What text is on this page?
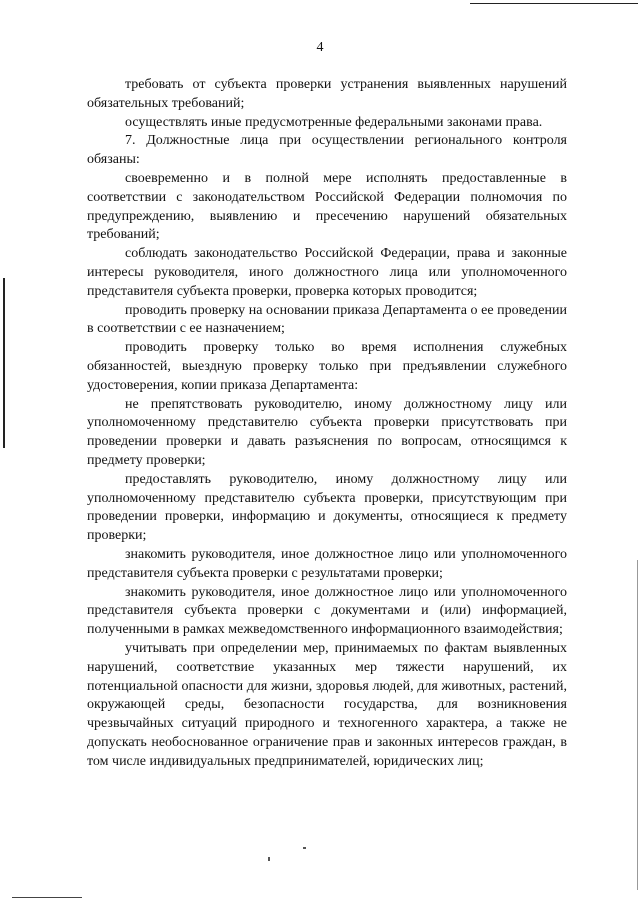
4

требовать от субъекта проверки устранения выявленных нарушений обязательных требований;

осуществлять иные предусмотренные федеральными законами права.

7. Должностные лица при осуществлении регионального контроля обязаны:

своевременно и в полной мере исполнять предоставленные в соответствии с законодательством Российской Федерации полномочия по предупреждению, выявлению и пресечению нарушений обязательных требований;

соблюдать законодательство Российской Федерации, права и законные интересы руководителя, иного должностного лица или уполномоченного представителя субъекта проверки, проверка которых проводится;

проводить проверку на основании приказа Департамента о ее проведении в соответствии с ее назначением;

проводить проверку только во время исполнения служебных обязанностей, выездную проверку только при предъявлении служебного удостоверения, копии приказа Департамента:

не препятствовать руководителю, иному должностному лицу или уполномоченному представителю субъекта проверки присутствовать при проведении проверки и давать разъяснения по вопросам, относящимся к предмету проверки;

предоставлять руководителю, иному должностному лицу или уполномоченному представителю субъекта проверки, присутствующим при проведении проверки, информацию и документы, относящиеся к предмету проверки;

знакомить руководителя, иное должностное лицо или уполномоченного представителя субъекта проверки с результатами проверки;

знакомить руководителя, иное должностное лицо или уполномоченного представителя субъекта проверки с документами и (или) информацией, полученными в рамках межведомственного информационного взаимодействия;

учитывать при определении мер, принимаемых по фактам выявленных нарушений, соответствие указанных мер тяжести нарушений, их потенциальной опасности для жизни, здоровья людей, для животных, растений, окружающей среды, безопасности государства, для возникновения чрезвычайных ситуаций природного и техногенного характера, а также не допускать необоснованное ограничение прав и законных интересов граждан, в том числе индивидуальных предпринимателей, юридических лиц;
